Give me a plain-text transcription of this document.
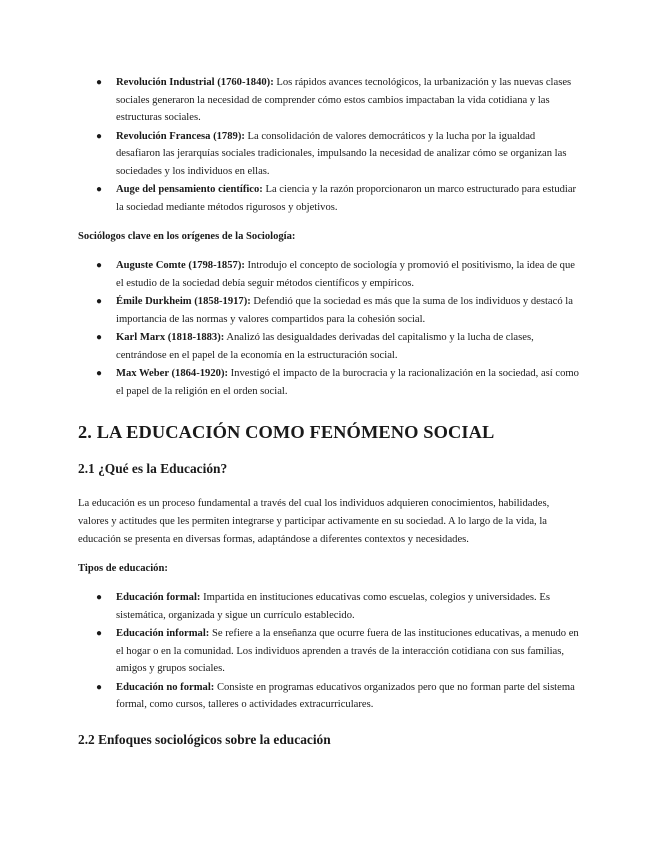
● Revolución Industrial (1760-1840): Los rápidos avances tecnológicos, la urbanización y las nuevas clases sociales generaron la necesidad de comprender cómo estos cambios impactaban la vida cotidiana y las estructuras sociales.
● Revolución Francesa (1789): La consolidación de valores democráticos y la lucha por la igualdad desafiaron las jerarquías sociales tradicionales, impulsando la necesidad de analizar cómo se organizan las sociedades y los individuos en ellas.
● Auge del pensamiento científico: La ciencia y la razón proporcionaron un marco estructurado para estudiar la sociedad mediante métodos rigurosos y objetivos.

Sociólogos clave en los orígenes de la Sociología:

● Auguste Comte (1798-1857): Introdujo el concepto de sociología y promovió el positivismo, la idea de que el estudio de la sociedad debía seguir métodos científicos y empíricos.
● Émile Durkheim (1858-1917): Defendió que la sociedad es más que la suma de los individuos y destacó la importancia de las normas y valores compartidos para la cohesión social.
● Karl Marx (1818-1883): Analizó las desigualdades derivadas del capitalismo y la lucha de clases, centrándose en el papel de la economía en la estructuración social.
● Max Weber (1864-1920): Investigó el impacto de la burocracia y la racionalización en la sociedad, así como el papel de la religión en el orden social.
2. LA EDUCACIÓN COMO FENÓMENO SOCIAL
2.1 ¿Qué es la Educación?

La educación es un proceso fundamental a través del cual los individuos adquieren conocimientos, habilidades, valores y actitudes que les permiten integrarse y participar activamente en su sociedad. A lo largo de la vida, la educación se presenta en diversas formas, adaptándose a diferentes contextos y necesidades.

Tipos de educación:

● Educación formal: Impartida en instituciones educativas como escuelas, colegios y universidades. Es sistemática, organizada y sigue un currículo establecido.
● Educación informal: Se refiere a la enseñanza que ocurre fuera de las instituciones educativas, a menudo en el hogar o en la comunidad. Los individuos aprenden a través de la interacción cotidiana con sus familias, amigos y grupos sociales.
● Educación no formal: Consiste en programas educativos organizados pero que no forman parte del sistema formal, como cursos, talleres o actividades extracurriculares.
2.2 Enfoques sociológicos sobre la educación
